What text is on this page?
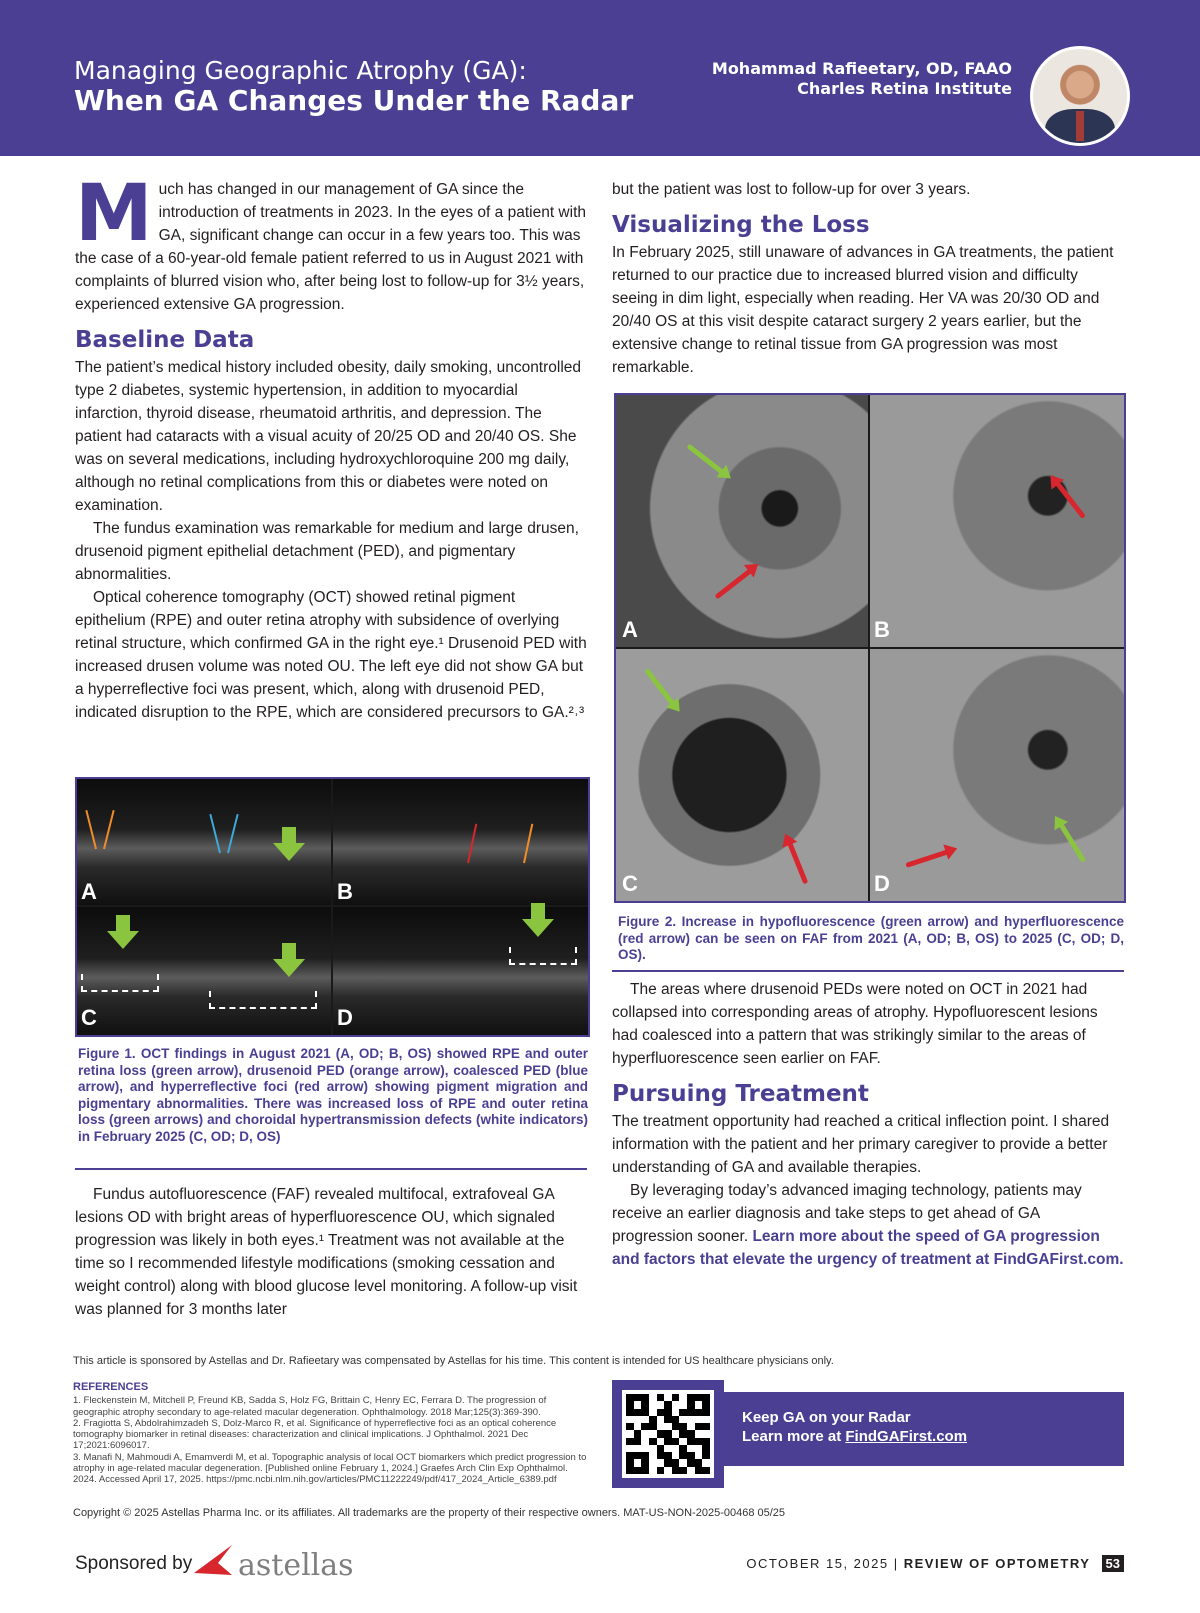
Managing Geographic Atrophy (GA):
When GA Changes Under the Radar
Mohammad Rafieetary, OD, FAAO
Charles Retina Institute

Much has changed in our management of GA since the introduction of treatments in 2023. In the eyes of a patient with GA, significant change can occur in a few years too. This was the case of a 60-year-old female patient referred to us in August 2021 with complaints of blurred vision who, after being lost to follow-up for 3½ years, experienced extensive GA progression.

Baseline Data

The patient’s medical history included obesity, daily smoking, uncontrolled type 2 diabetes, systemic hypertension, in addition to myocardial infarction, thyroid disease, rheumatoid arthritis, and depression. The patient had cataracts with a visual acuity of 20/25 OD and 20/40 OS. She was on several medications, including hydroxychloroquine 200 mg daily, although no retinal complications from this or diabetes were noted on examination.

The fundus examination was remarkable for medium and large drusen, drusenoid pigment epithelial detachment (PED), and pigmentary abnormalities.

Optical coherence tomography (OCT) showed retinal pigment epithelium (RPE) and outer retina atrophy with subsidence of overlying retinal structure, which confirmed GA in the right eye.¹ Drusenoid PED with increased drusen volume was noted OU. The left eye did not show GA but a hyperreflective foci was present, which, along with drusenoid PED, indicated disruption to the RPE, which are considered precursors to GA.²˒³

A	B
C	D
Figure 1. OCT findings in August 2021 (A, OD; B, OS) showed RPE and outer retina loss (green arrow), drusenoid PED (orange arrow), coalesced PED (blue arrow), and hyperreflective foci (red arrow) showing pigment migration and pigmentary abnormalities. There was increased loss of RPE and outer retina loss (green arrows) and choroidal hypertransmission defects (white indicators) in February 2025 (C, OD; D, OS)

Fundus autofluorescence (FAF) revealed multifocal, extrafoveal GA lesions OD with bright areas of hyperfluorescence OU, which signaled progression was likely in both eyes.¹ Treatment was not available at the time so I recommended lifestyle modifications (smoking cessation and weight control) along with blood glucose level monitoring. A follow-up visit was planned for 3 months later

but the patient was lost to follow-up for over 3 years.

Visualizing the Loss

In February 2025, still unaware of advances in GA treatments, the patient returned to our practice due to increased blurred vision and difficulty seeing in dim light, especially when reading. Her VA was 20/30 OD and 20/40 OS at this visit despite cataract surgery 2 years earlier, but the extensive change to retinal tissue from GA progression was most remarkable.

A	B
C	D
Figure 2. Increase in hypofluorescence (green arrow) and hyperfluorescence (red arrow) can be seen on FAF from 2021 (A, OD; B, OS) to 2025 (C, OD; D, OS).

The areas where drusenoid PEDs were noted on OCT in 2021 had collapsed into corresponding areas of atrophy. Hypofluorescent lesions had coalesced into a pattern that was strikingly similar to the areas of hyperfluorescence seen earlier on FAF.

Pursuing Treatment

The treatment opportunity had reached a critical inflection point. I shared information with the patient and her primary caregiver to provide a better understanding of GA and available therapies.

By leveraging today’s advanced imaging technology, patients may receive an earlier diagnosis and take steps to get ahead of GA progression sooner. Learn more about the speed of GA progression and factors that elevate the urgency of treatment at FindGAFirst.com.

This article is sponsored by Astellas and Dr. Rafieetary was compensated by Astellas for his time. This content is intended for US healthcare physicians only.
REFERENCES
1. Fleckenstein M, Mitchell P, Freund KB, Sadda S, Holz FG, Brittain C, Henry EC, Ferrara D. The progression of geographic atrophy secondary to age-related macular degeneration. Ophthalmology. 2018 Mar;125(3):369-390.
2. Fragiotta S, Abdolrahimzadeh S, Dolz-Marco R, et al. Significance of hyperreflective foci as an optical coherence tomography biomarker in retinal diseases: characterization and clinical implications. J Ophthalmol. 2021 Dec 17;2021:6096017.
3. Manafi N, Mahmoudi A, Emamverdi M, et al. Topographic analysis of local OCT biomarkers which predict progression to atrophy in age-related macular degeneration. [Published online February 1, 2024.] Graefes Arch Clin Exp Ophthalmol. 2024. Accessed April 17, 2025. https://pmc.ncbi.nlm.nih.gov/articles/PMC11222249/pdf/417_2024_Article_6389.pdf
Keep GA on your Radar
Learn more at FindGAFirst.com
Copyright © 2025 Astellas Pharma Inc. or its affiliates. All trademarks are the property of their respective owners. MAT-US-NON-2025-00468 05/25
Sponsored by astellas	OCTOBER 15, 2025 | REVIEW OF OPTOMETRY 53
